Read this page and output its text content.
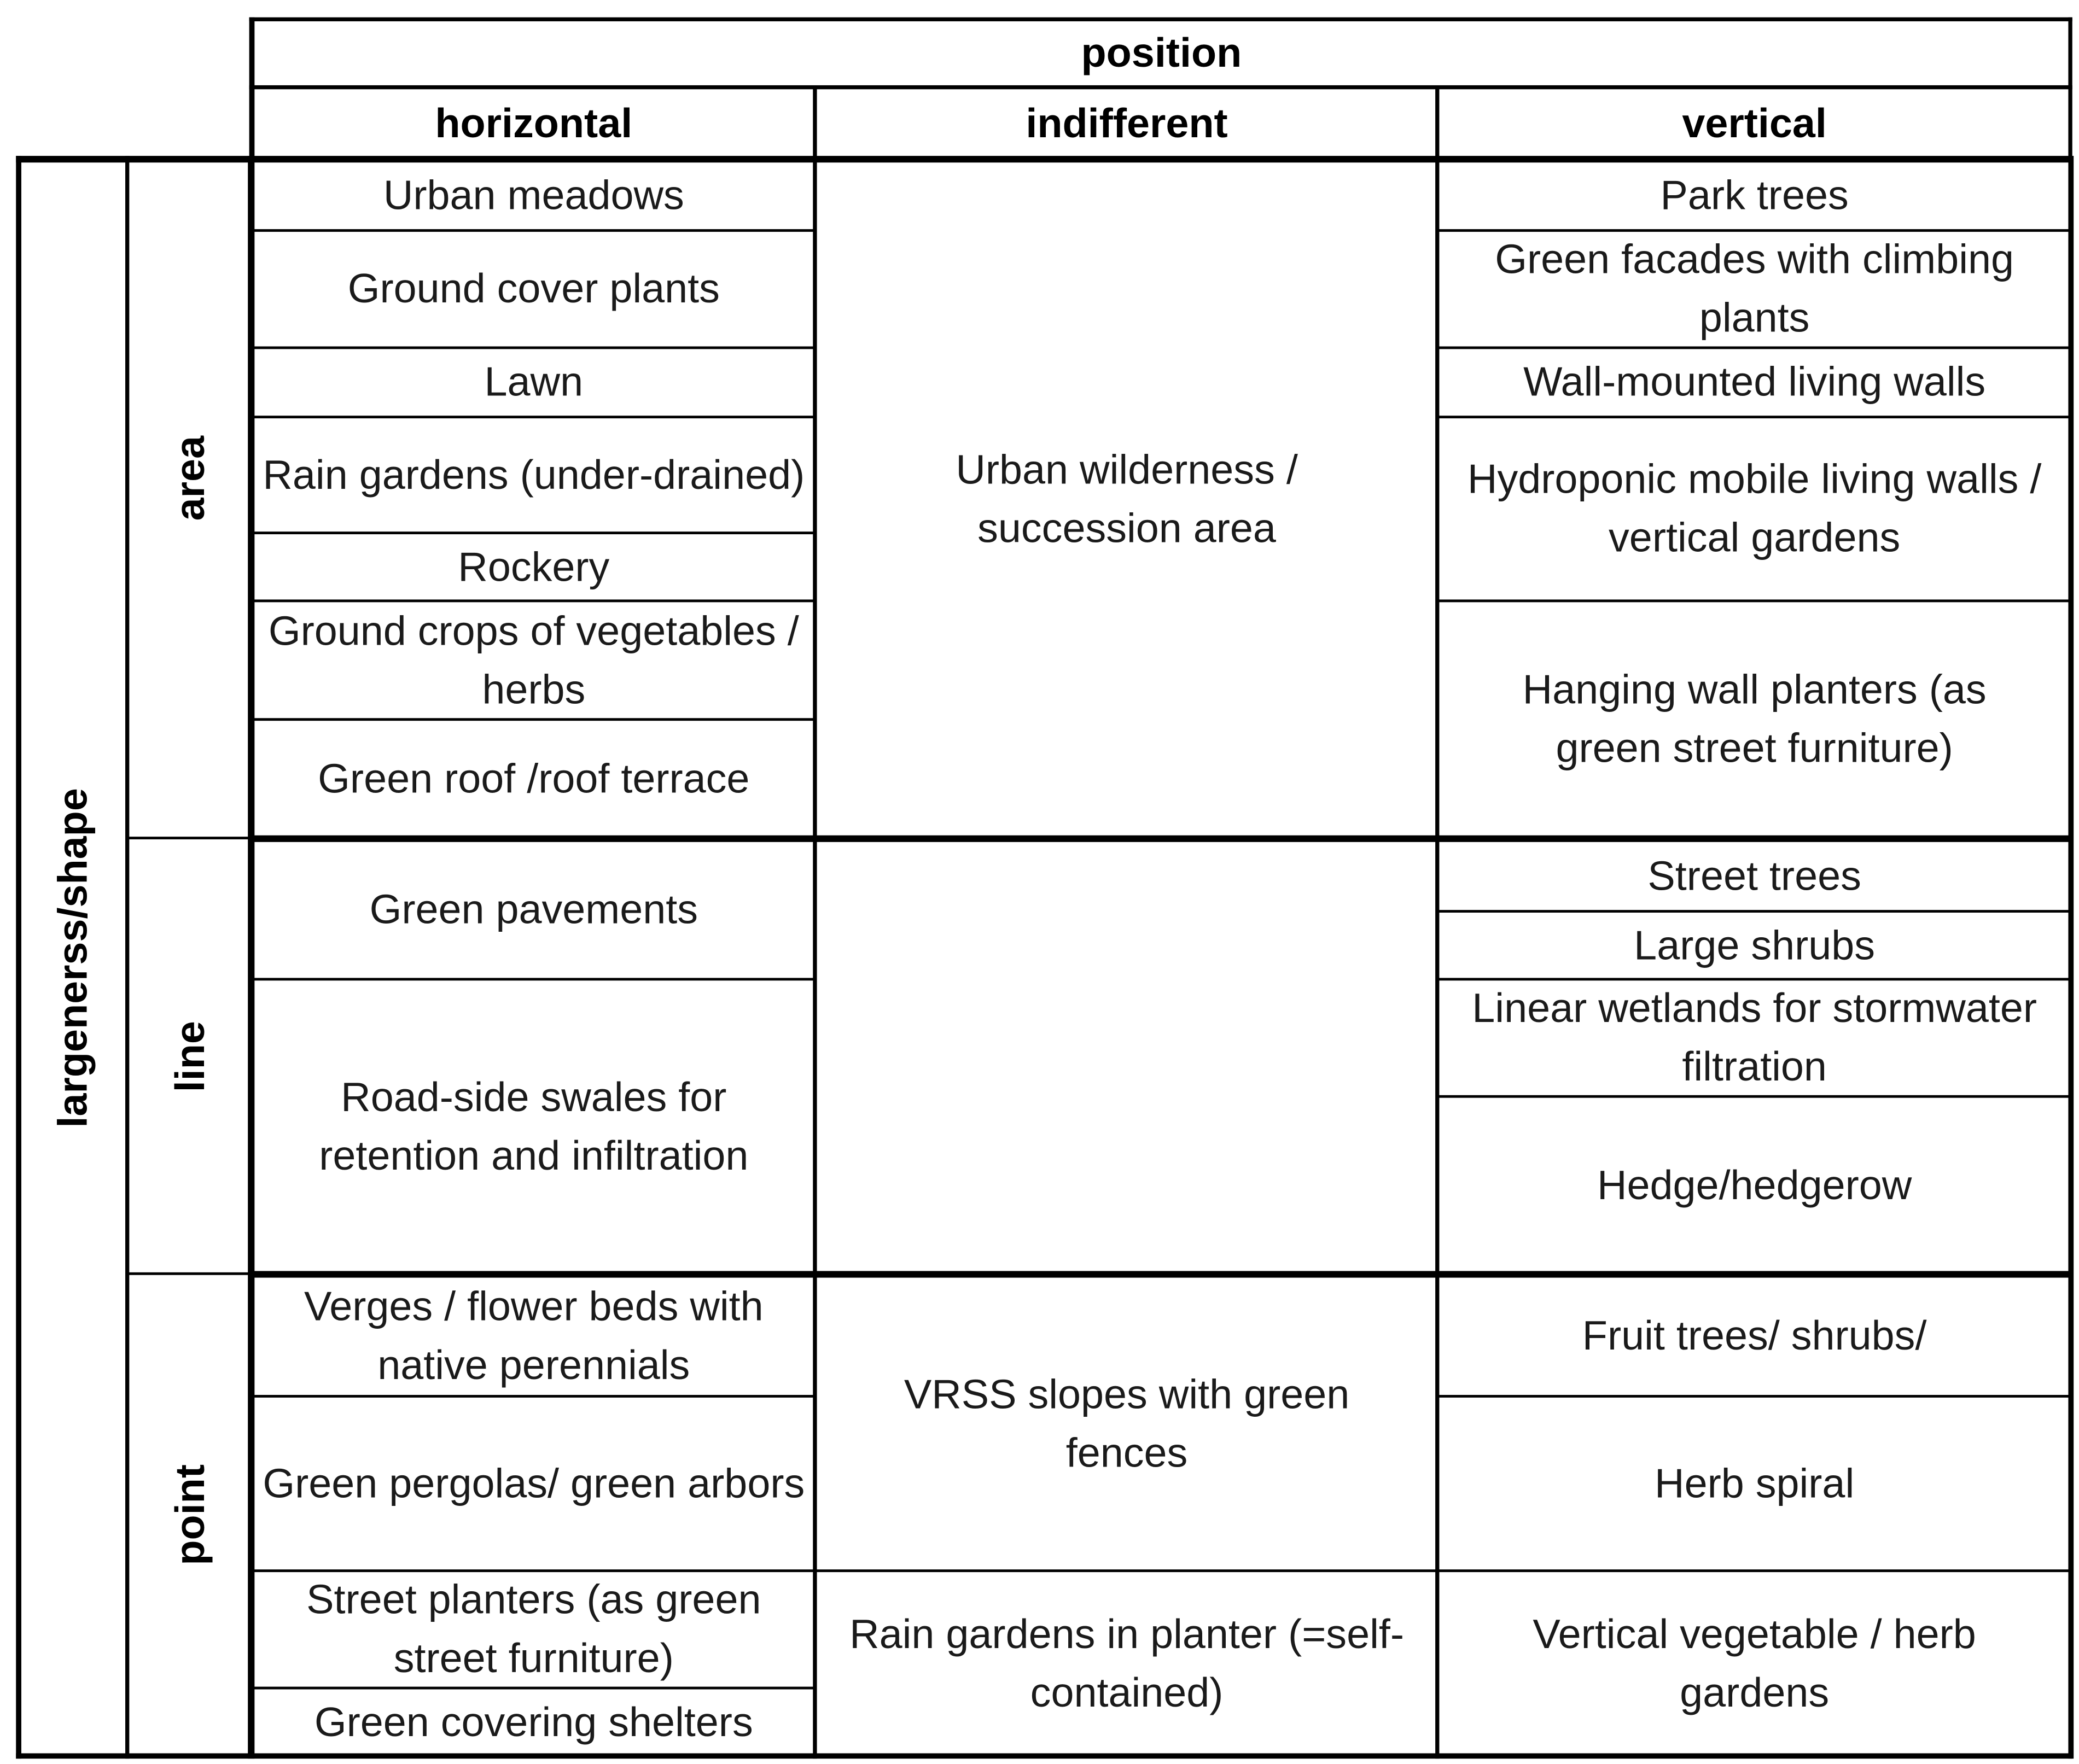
position
horizontal	indifferent	vertical
largenerss/shape
area
line
point
Urban meadows
Ground cover plants
Lawn
Rain gardens (under-drained)
Rockery
Ground crops of vegetables / herbs
Green roof /roof terrace
Urban wilderness / succession area
Park trees
Green facades with climbing plants
Wall-mounted living walls
Hydroponic mobile living walls / vertical gardens
Hanging wall planters (as green street furniture)
Green pavements
Road-side swales for retention and infiltration
Street trees
Large shrubs
Linear wetlands for stormwater filtration
Hedge/hedgerow
Verges / flower beds with native perennials
Green pergolas/ green arbors
Street planters (as green street furniture)
Green covering shelters
VRSS slopes with green fences
Rain gardens in planter (=self-contained)
Fruit trees/ shrubs/
Herb spiral
Vertical vegetable / herb gardens
